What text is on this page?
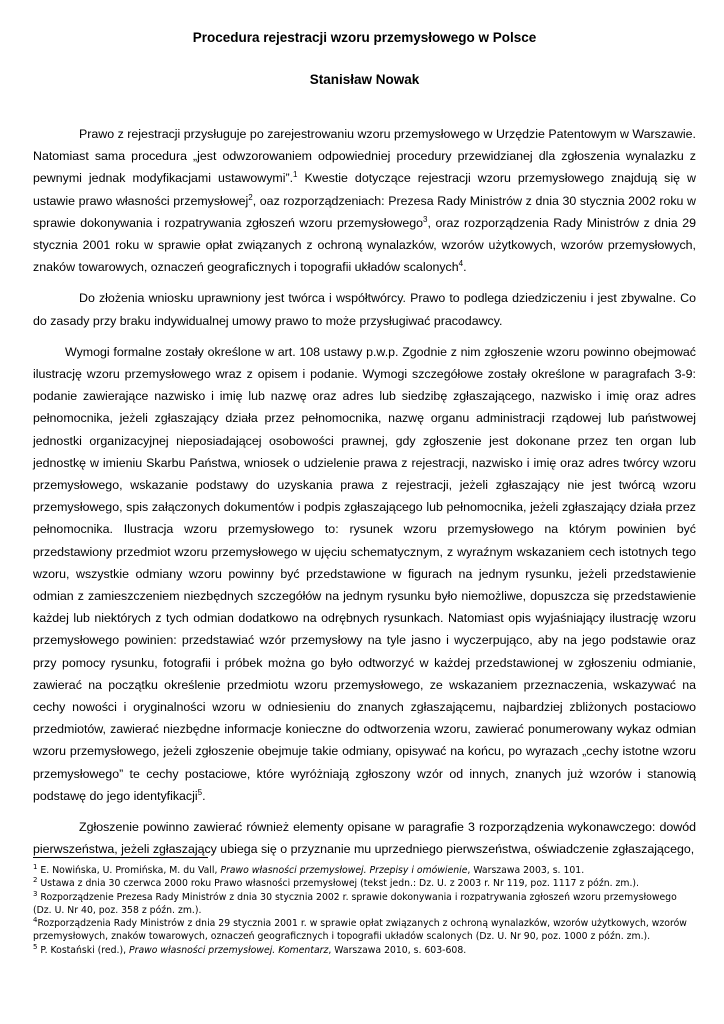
Procedura rejestracji wzoru przemysłowego w Polsce

Stanisław Nowak

Prawo z rejestracji przysługuje po zarejestrowaniu wzoru przemysłowego w Urzędzie Patentowym w Warszawie. Natomiast sama procedura „jest odwzorowaniem odpowiedniej procedury przewidzianej dla zgłoszenia wynalazku z pewnymi jednak modyfikacjami ustawowymi”.$^1$ Kwestie dotyczące rejestracji wzoru przemysłowego znajdują się w ustawie prawo własności przemysłowej$^2$, oaz rozporządzeniach: Prezesa Rady Ministrów z dnia 30 stycznia 2002 roku w sprawie dokonywania i rozpatrywania zgłoszeń wzoru przemysłowego$^3$, oraz rozporządzenia Rady Ministrów z dnia 29 stycznia 2001 roku w sprawie opłat związanych z ochroną wynalazków, wzorów użytkowych, wzorów przemysłowych, znaków towarowych, oznaczeń geograficznych i topografii układów scalonych$^4$.

Do złożenia wniosku uprawniony jest twórca i współtwórcy. Prawo to podlega dziedziczeniu i jest zbywalne. Co do zasady przy braku indywidualnej umowy prawo to może przysługiwać pracodawcy.

Wymogi formalne zostały określone w art. 108 ustawy p.w.p. Zgodnie z nim zgłoszenie wzoru powinno obejmować ilustrację wzoru przemysłowego wraz z opisem i podanie. Wymogi szczegółowe zostały określone w paragrafach 3-9: podanie zawierające nazwisko i imię lub nazwę oraz adres lub siedzibę zgłaszającego, nazwisko i imię oraz adres pełnomocnika, jeżeli zgłaszający działa przez pełnomocnika, nazwę organu administracji rządowej lub państwowej jednostki organizacyjnej nieposiadającej osobowości prawnej, gdy zgłoszenie jest dokonane przez ten organ lub jednostkę w imieniu Skarbu Państwa, wniosek o udzielenie prawa z rejestracji, nazwisko i imię oraz adres twórcy wzoru przemysłowego, wskazanie podstawy do uzyskania prawa z rejestracji, jeżeli zgłaszający nie jest twórcą wzoru przemysłowego, spis załączonych dokumentów i podpis zgłaszającego lub pełnomocnika, jeżeli zgłaszający działa przez pełnomocnika. Ilustracja wzoru przemysłowego to: rysunek wzoru przemysłowego na którym powinien być przedstawiony przedmiot wzoru przemysłowego w ujęciu schematycznym, z wyraźnym wskazaniem cech istotnych tego wzoru, wszystkie odmiany wzoru powinny być przedstawione w figurach na jednym rysunku, jeżeli przedstawienie odmian z zamieszczeniem niezbędnych szczegółów na jednym rysunku było niemożliwe, dopuszcza się przedstawienie każdej lub niektórych z tych odmian dodatkowo na odrębnych rysunkach. Natomiast opis wyjaśniający ilustrację wzoru przemysłowego powinien: przedstawiać wzór przemysłowy na tyle jasno i wyczerpująco, aby na jego podstawie oraz przy pomocy rysunku, fotografii i próbek można go było odtworzyć w każdej przedstawionej w zgłoszeniu odmianie, zawierać na początku określenie przedmiotu wzoru przemysłowego, ze wskazaniem przeznaczenia, wskazywać na cechy nowości i oryginalności wzoru w odniesieniu do znanych zgłaszającemu, najbardziej zbliżonych postaciowo przedmiotów, zawierać niezbędne informacje konieczne do odtworzenia wzoru, zawierać ponumerowany wykaz odmian wzoru przemysłowego, jeżeli zgłoszenie obejmuje takie odmiany, opisywać na końcu, po wyrazach „cechy istotne wzoru przemysłowego” te cechy postaciowe, które wyróżniają zgłoszony wzór od innych, znanych już wzorów i stanowią podstawę do jego identyfikacji$^5$.

Zgłoszenie powinno zawierać również elementy opisane w paragrafie 3 rozporządzenia wykonawczego: dowód pierwszeństwa, jeżeli zgłaszający ubiega się o przyznanie mu uprzedniego pierwszeństwa, oświadczenie zgłaszającego,

$^1$ E. Nowińska, U. Promińska, M. du Vall, Prawo własności przemysłowej. Przepisy i omówienie, Warszawa 2003, s. 101.

$^2$ Ustawa z dnia 30 czerwca 2000 roku Prawo własności przemysłowej (tekst jedn.: Dz. U. z 2003 r. Nr 119, poz. 1117 z późn. zm.).

$^3$ Rozporządzenie Prezesa Rady Ministrów z dnia 30 stycznia 2002 r. sprawie dokonywania i rozpatrywania zgłoszeń wzoru przemysłowego (Dz. U. Nr 40, poz. 358 z późn. zm.).

$^4$Rozporządzenia Rady Ministrów z dnia 29 stycznia 2001 r. w sprawie opłat związanych z ochroną wynalazków, wzorów użytkowych, wzorów przemysłowych, znaków towarowych, oznaczeń geograficznych i topografii układów scalonych (Dz. U. Nr 90, poz. 1000 z późn. zm.).

$^5$ P. Kostański (red.), Prawo własności przemysłowej. Komentarz, Warszawa 2010, s. 603-608.
